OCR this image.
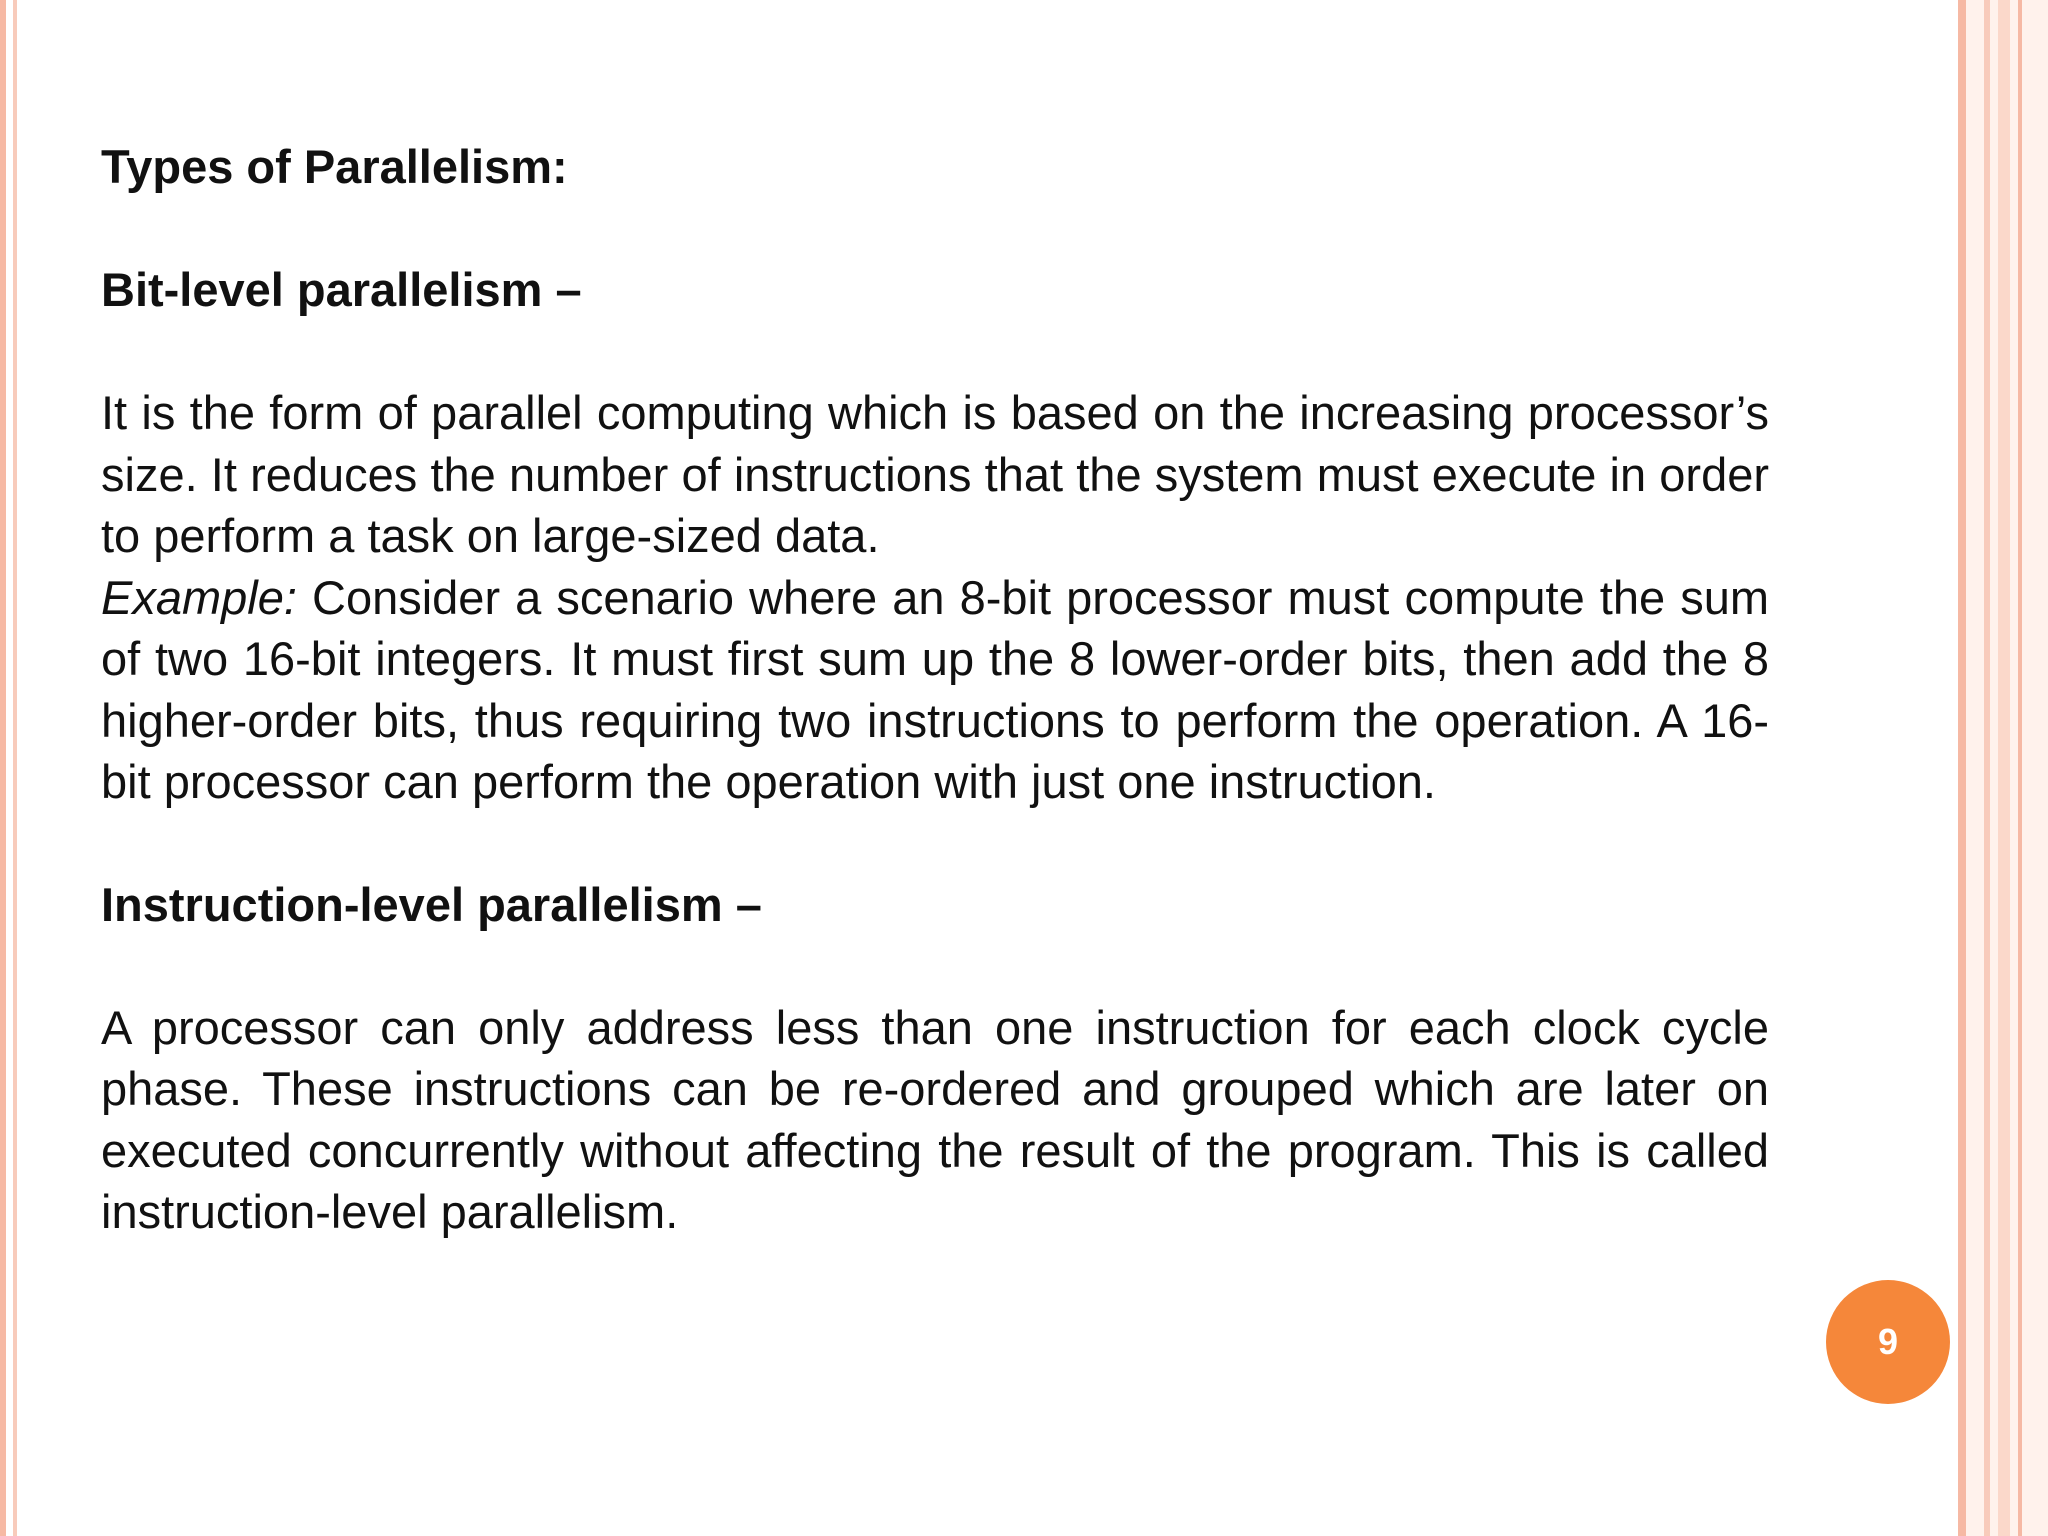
Types of Parallelism:

Bit-level parallelism –

It is the form of parallel computing which is based on the increasing processor’s size. It reduces the number of instructions that the system must execute in order to perform a task on large-sized data.
Example: Consider a scenario where an 8-bit processor must compute the sum of two 16-bit integers. It must first sum up the 8 lower-order bits, then add the 8 higher-order bits, thus requiring two instructions to perform the operation. A 16-bit processor can perform the operation with just one instruction.

Instruction-level parallelism –

A processor can only address less than one instruction for each clock cycle phase. These instructions can be re-ordered and grouped which are later on executed concurrently without affecting the result of the program. This is called instruction-level parallelism.

9
